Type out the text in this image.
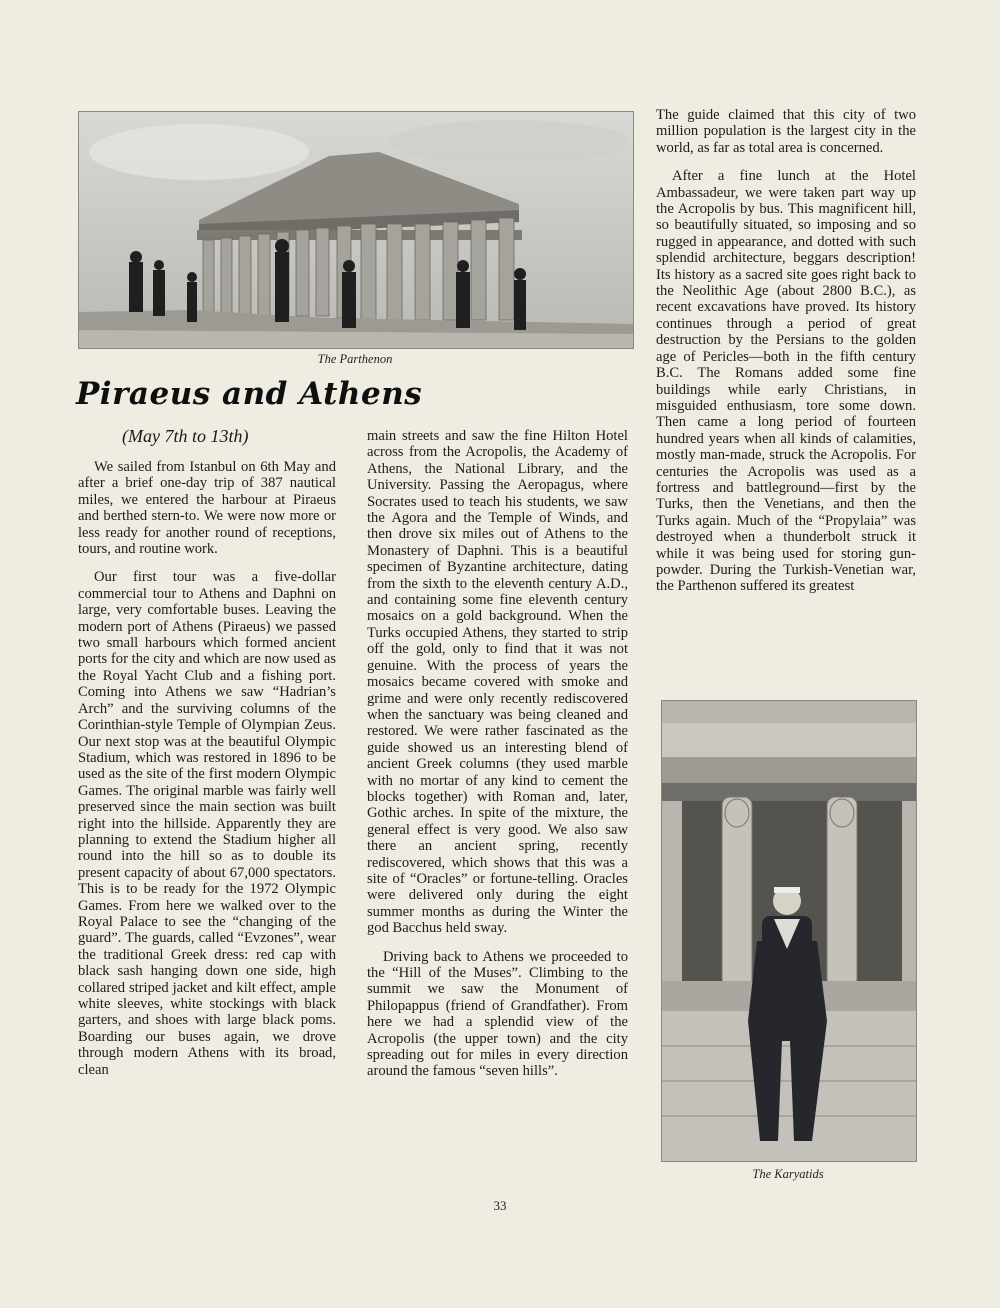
The Parthenon
Piraeus and Athens
(May 7th to 13th)

We sailed from Istanbul on 6th May and after a brief one-day trip of 387 nautical miles, we entered the harbour at Piraeus and berthed stern-to. We were now more or less ready for another round of receptions, tours, and routine work.

Our first tour was a five-dollar commercial tour to Athens and Daphni on large, very comfortable buses. Leaving the modern port of Athens (Piraeus) we passed two small harbours which formed ancient ports for the city and which are now used as the Royal Yacht Club and a fishing port. Coming into Athens we saw “Hadrian’s Arch” and the surviving columns of the Corinthian-style Temple of Olympian Zeus. Our next stop was at the beautiful Olympic Stadium, which was restored in 1896 to be used as the site of the first modern Olympic Games. The original marble was fairly well preserved since the main section was built right into the hillside. Apparently they are planning to extend the Stadium higher all round into the hill so as to double its present capacity of about 67,000 spectators. This is to be ready for the 1972 Olympic Games. From here we walked over to the Royal Palace to see the “changing of the guard”. The guards, called “Evzones”, wear the traditional Greek dress: red cap with black sash hanging down one side, high collared striped jacket and kilt effect, ample white sleeves, white stockings with black garters, and shoes with large black poms. Boarding our buses again, we drove through modern Athens with its broad, clean

main streets and saw the fine Hilton Hotel across from the Acropolis, the Academy of Athens, the National Library, and the University. Passing the Aeropagus, where Socrates used to teach his students, we saw the Agora and the Temple of Winds, and then drove six miles out of Athens to the Monastery of Daphni. This is a beautiful specimen of Byzantine architecture, dating from the sixth to the eleventh century A.D., and containing some fine eleventh century mosaics on a gold background. When the Turks occupied Athens, they started to strip off the gold, only to find that it was not genuine. With the process of years the mosaics became covered with smoke and grime and were only recently rediscovered when the sanctuary was being cleaned and restored. We were rather fascinated as the guide showed us an interesting blend of ancient Greek columns (they used marble with no mortar of any kind to cement the blocks together) with Roman and, later, Gothic arches. In spite of the mixture, the general effect is very good. We also saw there an ancient spring, recently rediscovered, which shows that this was a site of “Oracles” or fortune-telling. Oracles were delivered only during the eight summer months as during the Winter the god Bacchus held sway.

Driving back to Athens we proceeded to the “Hill of the Muses”. Climbing to the summit we saw the Monument of Philopappus (friend of Grandfather). From here we had a splendid view of the Acropolis (the upper town) and the city spreading out for miles in every direction around the famous “seven hills”.

The guide claimed that this city of two million population is the largest city in the world, as far as total area is concerned.

After a fine lunch at the Hotel Ambassadeur, we were taken part way up the Acropolis by bus. This magnificent hill, so beautifully situated, so imposing and so rugged in appearance, and dotted with such splendid architecture, beggars description! Its history as a sacred site goes right back to the Neolithic Age (about 2800 B.C.), as recent excavations have proved. Its history continues through a period of great destruction by the Persians to the golden age of Pericles—both in the fifth century B.C. The Romans added some fine buildings while early Christians, in misguided enthusiasm, tore some down. Then came a long period of fourteen hundred years when all kinds of calamities, mostly man-made, struck the Acropolis. For centuries the Acropolis was used as a fortress and battleground—first by the Turks, then the Venetians, and then the Turks again. Much of the “Propylaia” was destroyed when a thunderbolt struck it while it was being used for storing gun-powder. During the Turkish-Venetian war, the Parthenon suffered its greatest

The Karyatids
33
